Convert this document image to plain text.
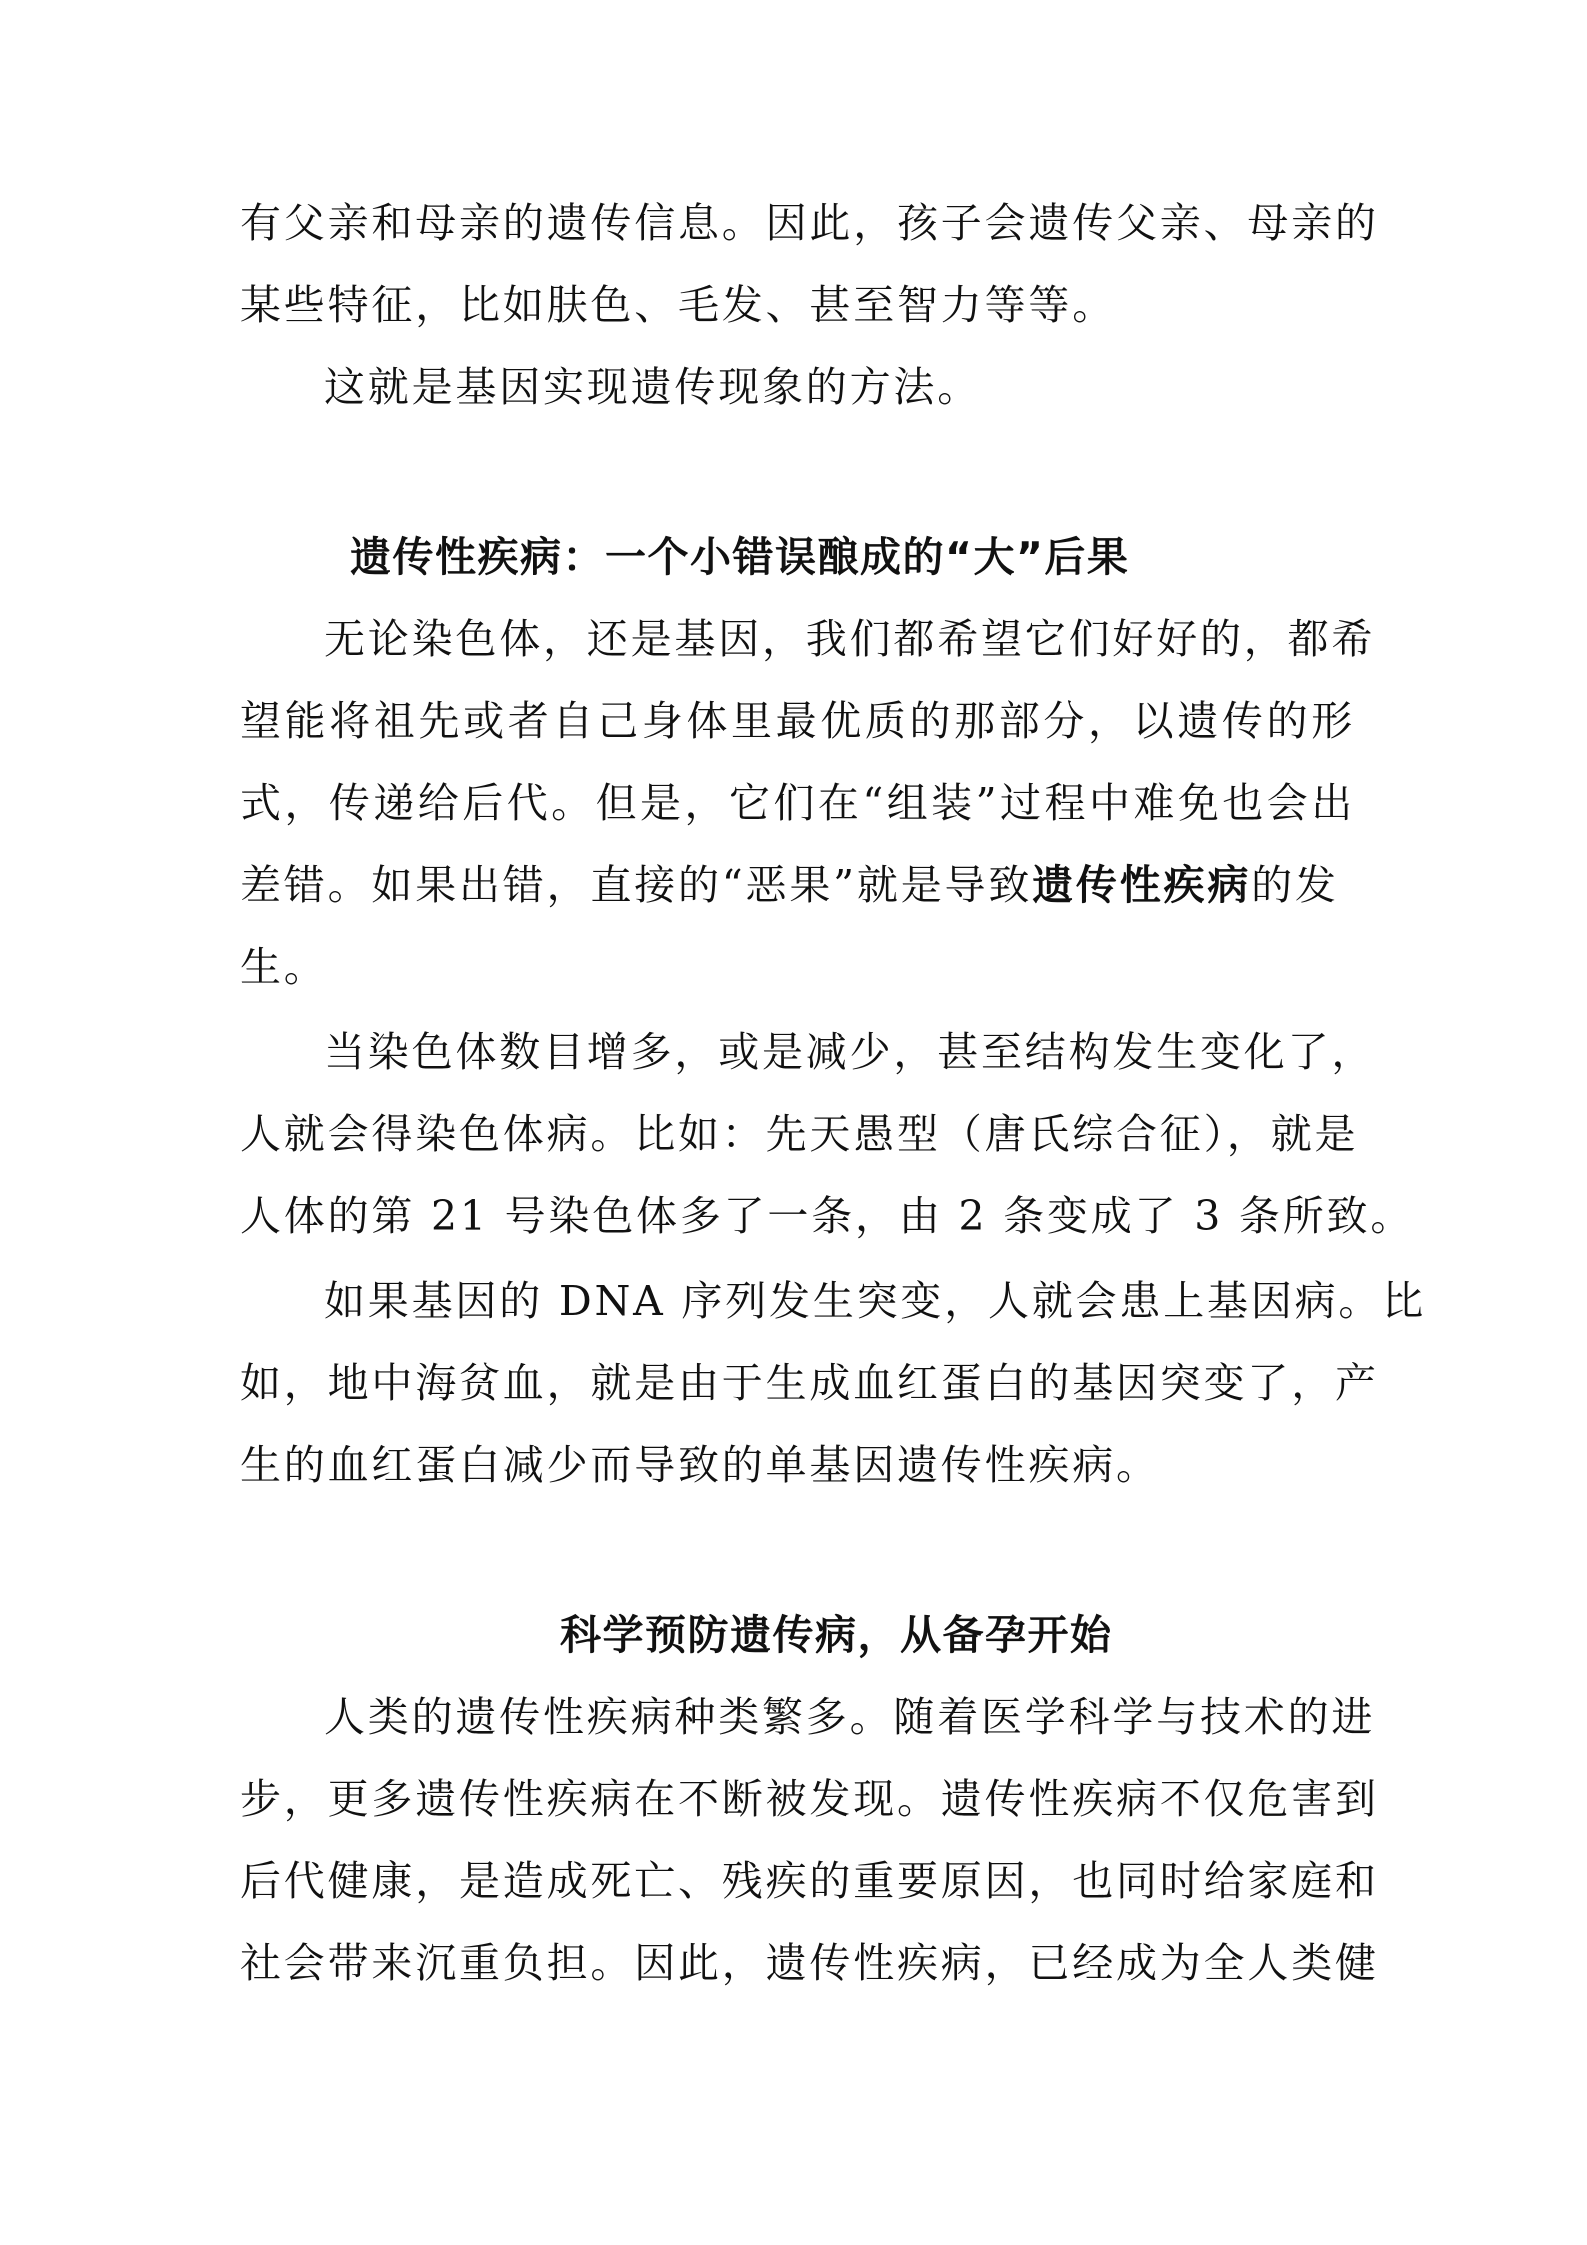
有父亲和母亲的遗传信息。因此，孩子会遗传父亲、母亲的
某些特征，比如肤色、毛发、甚至智力等等。
这就是基因实现遗传现象的方法。
遗传性疾病：一个小错误酿成的“大”后果
无论染色体，还是基因，我们都希望它们好好的，都希
望能将祖先或者自己身体里最优质的那部分，以遗传的形
式，传递给后代。但是，它们在“组装”过程中难免也会出
差错。如果出错，直接的“恶果”就是导致遗传性疾病的发
生。
当染色体数目增多，或是减少，甚至结构发生变化了，
人就会得染色体病。比如：先天愚型（唐氏综合征），就是
人体的第 21 号染色体多了一条，由 2 条变成了 3 条所致。
如果基因的 DNA 序列发生突变，人就会患上基因病。比
如，地中海贫血，就是由于生成血红蛋白的基因突变了，产
生的血红蛋白减少而导致的单基因遗传性疾病。
科学预防遗传病，从备孕开始
人类的遗传性疾病种类繁多。随着医学科学与技术的进
步，更多遗传性疾病在不断被发现。遗传性疾病不仅危害到
后代健康，是造成死亡、残疾的重要原因，也同时给家庭和
社会带来沉重负担。因此，遗传性疾病，已经成为全人类健
